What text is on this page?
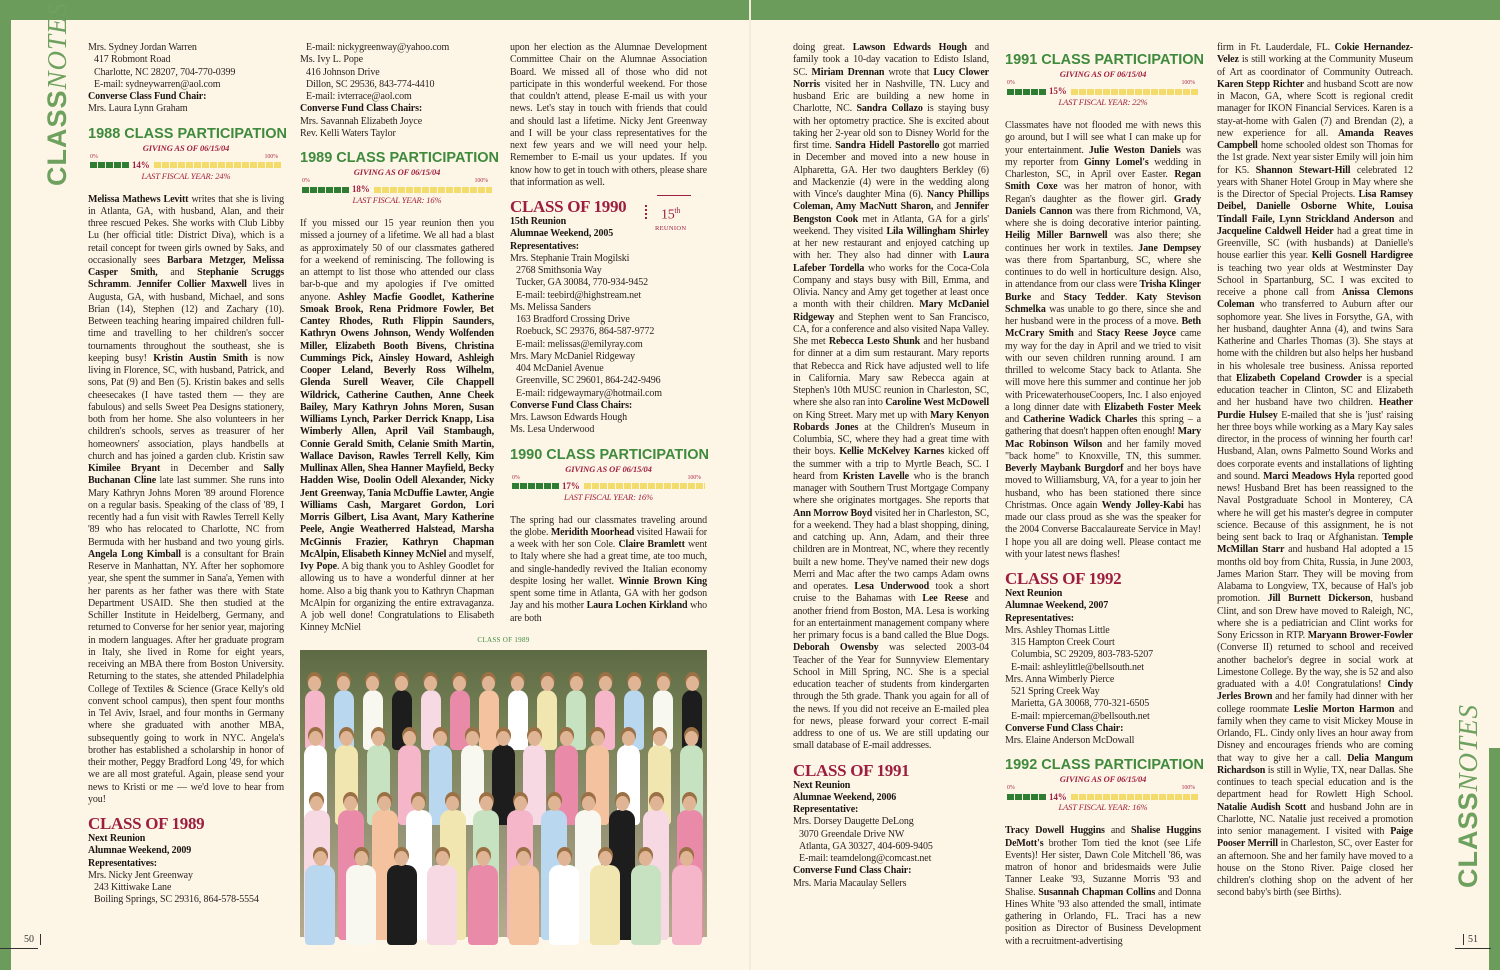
CLASSNOTES
CLASSNOTES
50	51
Mrs. Sydney Jordan Warren
417 Robmont Road
Charlotte, NC 28207, 704-770-0399
E-mail: sydneywarren@aol.com
Converse Class Fund Chair:
Mrs. Laura Lynn Graham
1988 CLASS PARTICIPATION
GIVING AS OF 06/15/04
0%	100%
14%
LAST FISCAL YEAR: 24%

Melissa Mathews Levitt writes that she is living in Atlanta, GA, with husband, Alan, and their three rescued Pekes. She works with Club Libby Lu (her official title: District Diva), which is a retail concept for tween girls owned by Saks, and occasionally sees Barbara Metzger, Melissa Casper Smith, and Stephanie Scruggs Schramm. Jennifer Collier Maxwell lives in Augusta, GA, with husband, Michael, and sons Brian (14), Stephen (12) and Zachary (10). Between teaching hearing impaired children full-time and travelling to her children's soccer tournaments throughout the southeast, she is keeping busy! Kristin Austin Smith is now living in Florence, SC, with husband, Patrick, and sons, Pat (9) and Ben (5). Kristin bakes and sells cheesecakes (I have tasted them — they are fabulous) and sells Sweet Pea Designs stationery, both from her home. She also volunteers in her children's schools, serves as treasurer of her homeowners' association, plays handbells at church and has joined a garden club. Kristin saw Kimilee Bryant in December and Sally Buchanan Cline late last summer. She runs into Mary Kathryn Johns Moren '89 around Florence on a regular basis. Speaking of the class of '89, I recently had a fun visit with Rawles Terrell Kelly '89 who has relocated to Charlotte, NC from Bermuda with her husband and two young girls. Angela Long Kimball is a consultant for Brain Reserve in Manhattan, NY. After her sophomore year, she spent the summer in Sana'a, Yemen with her parents as her father was there with State Department USAID. She then studied at the Schiller Institute in Heidelberg, Germany, and returned to Converse for her senior year, majoring in modern languages. After her graduate program in Italy, she lived in Rome for eight years, receiving an MBA there from Boston University. Returning to the states, she attended Philadelphia College of Textiles & Science (Grace Kelly's old convent school campus), then spent four months in Tel Aviv, Israel, and four months in Germany where she graduated with another MBA, subsequently going to work in NYC. Angela's brother has established a scholarship in honor of their mother, Peggy Bradford Long '49, for which we are all most grateful. Again, please send your news to Kristi or me — we'd love to hear from you!

CLASS OF 1989
Next Reunion
Alumnae Weekend, 2009
Representatives:
Mrs. Nicky Jent Greenway
243 Kittiwake Lane
Boiling Springs, SC 29316, 864-578-5554
E-mail: nickygreenway@yahoo.com
Ms. Ivy L. Pope
416 Johnson Drive
Dillon, SC 29536, 843-774-4410
E-mail: ivterrace@aol.com
Converse Fund Class Chairs:
Mrs. Savannah Elizabeth Joyce
Rev. Kelli Waters Taylor
1989 CLASS PARTICIPATION
GIVING AS OF 06/15/04
0%	100%
18%
LAST FISCAL YEAR: 16%

If you missed our 15 year reunion then you missed a journey of a lifetime. We all had a blast as approximately 50 of our classmates gathered for a weekend of reminiscing. The following is an attempt to list those who attended our class bar-b-que and my apologies if I've omitted anyone. Ashley Macfie Goodlet, Katherine Smoak Brook, Rena Pridmore Fowler, Bet Cantey Rhodes, Ruth Flippin Saunders, Kathryn Owens Johnson, Wendy Wolfenden Miller, Elizabeth Booth Bivens, Christina Cummings Pick, Ainsley Howard, Ashleigh Cooper Leland, Beverly Ross Wilhelm, Glenda Surell Weaver, Cile Chappell Wildrick, Catherine Cauthen, Anne Cheek Bailey, Mary Kathryn Johns Moren, Susan Williams Lynch, Parker Derrick Knapp, Lisa Wimberly Allen, April Vail Stambaugh, Connie Gerald Smith, Celanie Smith Martin, Wallace Davison, Rawles Terrell Kelly, Kim Mullinax Allen, Shea Hanner Mayfield, Becky Hadden Wise, Doolin Odell Alexander, Nicky Jent Greenway, Tania McDuffie Lawter, Angie Williams Cash, Margaret Gordon, Lori Morris Gilbert, Lisa Avant, Mary Katherine Peele, Angie Weatherred Halstead, Marsha McGinnis Frazier, Kathryn Chapman McAlpin, Elisabeth Kinney McNiel and myself, Ivy Pope. A big thank you to Ashley Goodlet for allowing us to have a wonderful dinner at her home. Also a big thank you to Kathryn Chapman McAlpin for organizing the entire extravaganza. A job well done! Congratulations to Elisabeth Kinney McNiel

upon her election as the Alumnae Development Committee Chair on the Alumnae Association Board. We missed all of those who did not participate in this wonderful weekend. For those that couldn't attend, please E-mail us with your news. Let's stay in touch with friends that could and should last a lifetime. Nicky Jent Greenway and I will be your class representatives for the next few years and we will need your help. Remember to E-mail us your updates. If you know how to get in touch with others, please share that information as well.

CLASS OF 1990 15th
REUNION
15th Reunion
Alumnae Weekend, 2005
Representatives:
Mrs. Stephanie Train Mogilski
2768 Smithsonia Way
Tucker, GA 30084, 770-934-9452
E-mail: teebird@highstream.net
Ms. Melissa Sanders
163 Bradford Crossing Drive
Roebuck, SC 29376, 864-587-9772
E-mail: melissas@emilyray.com
Mrs. Mary McDaniel Ridgeway
404 McDaniel Avenue
Greenville, SC 29601, 864-242-9496
E-mail: ridgewaymary@hotmail.com
Converse Fund Class Chairs:
Mrs. Lawson Edwards Hough
Ms. Lesa Underwood
1990 CLASS PARTICIPATION
GIVING AS OF 06/15/04
0%	100%
17%
LAST FISCAL YEAR: 16%

The spring had our classmates traveling around the globe. Meridith Moorhead visited Hawaii for a week with her son Cole. Claire Bramlett went to Italy where she had a great time, ate too much, and single-handedly revived the Italian economy despite losing her wallet. Winnie Brown King spent some time in Atlanta, GA with her godson Jay and his mother Laura Lochen Kirkland who are both

doing great. Lawson Edwards Hough and family took a 10-day vacation to Edisto Island, SC. Miriam Drennan wrote that Lucy Clower Norris visited her in Nashville, TN. Lucy and husband Eric are building a new home in Charlotte, NC. Sandra Collazo is staying busy with her optometry practice. She is excited about taking her 2-year old son to Disney World for the first time. Sandra Hidell Pastorello got married in December and moved into a new house in Alpharetta, GA. Her two daughters Berkley (6) and Mackenzie (4) were in the wedding along with Vince's daughter Mina (6). Nancy Phillips Coleman, Amy MacNutt Sharon, and Jennifer Bengston Cook met in Atlanta, GA for a girls' weekend. They visited Lila Willingham Shirley at her new restaurant and enjoyed catching up with her. They also had dinner with Laura Lafeber Tordella who works for the Coca-Cola Company and stays busy with Bill, Emma, and Olivia. Nancy and Amy get together at least once a month with their children. Mary McDaniel Ridgeway and Stephen went to San Francisco, CA, for a conference and also visited Napa Valley. She met Rebecca Lesto Shunk and her husband for dinner at a dim sum restaurant. Mary reports that Rebecca and Rick have adjusted well to life in California. Mary saw Rebecca again at Stephen's 10th MUSC reunion in Charleston, SC, where she also ran into Caroline West McDowell on King Street. Mary met up with Mary Kenyon Robards Jones at the Children's Museum in Columbia, SC, where they had a great time with their boys. Kellie McKelvey Karnes kicked off the summer with a trip to Myrtle Beach, SC. I heard from Kristen Lavelle who is the branch manager with Southern Trust Mortgage Company where she originates mortgages. She reports that Ann Morrow Boyd visited her in Charleston, SC, for a weekend. They had a blast shopping, dining, and catching up. Ann, Adam, and their three children are in Montreat, NC, where they recently built a new home. They've named their new dogs Merri and Mac after the two camps Adam owns and operates. Lesa Underwood took a short cruise to the Bahamas with Lee Reese and another friend from Boston, MA. Lesa is working for an entertainment management company where her primary focus is a band called the Blue Dogs. Deborah Owensby was selected 2003-04 Teacher of the Year for Sunnyview Elementary School in Mill Spring, NC. She is a special education teacher of students from kindergarten through the 5th grade. Thank you again for all of the news. If you did not receive an E-mailed plea for news, please forward your correct E-mail address to one of us. We are still updating our small database of E-mail addresses.

CLASS OF 1991
Next Reunion
Alumnae Weekend, 2006
Representative:
Mrs. Dorsey Daugette DeLong
3070 Greendale Drive NW
Atlanta, GA 30327, 404-609-9405
E-mail: teamdelong@comcast.net
Converse Fund Class Chair:
Mrs. Maria Macaulay Sellers
1991 CLASS PARTICIPATION
GIVING AS OF 06/15/04
0%	100%
15%
LAST FISCAL YEAR: 22%

Classmates have not flooded me with news this go around, but I will see what I can make up for your entertainment. Julie Weston Daniels was my reporter from Ginny Lomel's wedding in Charleston, SC, in April over Easter. Regan Smith Coxe was her matron of honor, with Regan's daughter as the flower girl. Grady Daniels Cannon was there from Richmond, VA, where she is doing decorative interior painting. Heilig Miller Barnwell was also there; she continues her work in textiles. Jane Dempsey was there from Spartanburg, SC, where she continues to do well in horticulture design. Also, in attendance from our class were Trisha Klinger Burke and Stacy Tedder. Katy Stevison Schmelka was unable to go there, since she and her husband were in the process of a move. Beth McCrary Smith and Stacy Reese Joyce came my way for the day in April and we tried to visit with our seven children running around. I am thrilled to welcome Stacy back to Atlanta. She will move here this summer and continue her job with PricewaterhouseCoopers, Inc. I also enjoyed a long dinner date with Elizabeth Foster Meek and Catherine Wadick Charles this spring – a gathering that doesn't happen often enough! Mary Mac Robinson Wilson and her family moved "back home" to Knoxville, TN, this summer. Beverly Maybank Burgdorf and her boys have moved to Williamsburg, VA, for a year to join her husband, who has been stationed there since Christmas. Once again Wendy Jolley-Kabi has made our class proud as she was the speaker for the 2004 Converse Baccalaureate Service in May! I hope you all are doing well. Please contact me with your latest news flashes!

CLASS OF 1992
Next Reunion
Alumnae Weekend, 2007
Representatives:
Mrs. Ashley Thomas Little
315 Hampton Creek Court
Columbia, SC 29209, 803-783-5207
E-mail: ashleylittle@bellsouth.net
Mrs. Anna Wimberly Pierce
521 Spring Creek Way
Marietta, GA 30068, 770-321-6505
E-mail: mpierceman@bellsouth.net
Converse Fund Class Chair:
Mrs. Elaine Anderson McDowall
1992 CLASS PARTICIPATION
GIVING AS OF 06/15/04
0%	100%
14%
LAST FISCAL YEAR: 16%

Tracy Dowell Huggins and Shalise Huggins DeMott's brother Tom tied the knot (see Life Events)! Her sister, Dawn Cole Mitchell '86, was matron of honor and bridesmaids were Julie Tanner Leake '93, Suzanne Morris '93 and Shalise. Susannah Chapman Collins and Donna Hines White '93 also attended the small, intimate gathering in Orlando, FL. Traci has a new position as Director of Business Development with a recruitment-advertising

firm in Ft. Lauderdale, FL. Cokie Hernandez-Velez is still working at the Community Museum of Art as coordinator of Community Outreach. Karen Stepp Richter and husband Scott are now in Macon, GA, where Scott is regional credit manager for IKON Financial Services. Karen is a stay-at-home with Galen (7) and Brendan (2), a new experience for all. Amanda Reaves Campbell home schooled oldest son Thomas for the 1st grade. Next year sister Emily will join him for K5. Shannon Stewart-Hill celebrated 12 years with Shaner Hotel Group in May where she is the Director of Special Projects. Lisa Ramsey Deibel, Danielle Osborne White, Louisa Tindall Faile, Lynn Strickland Anderson and Jacqueline Caldwell Heider had a great time in Greenville, SC (with husbands) at Danielle's house earlier this year. Kelli Gosnell Hardigree is teaching two year olds at Westminster Day School in Spartanburg, SC. I was excited to receive a phone call from Anissa Clemons Coleman who transferred to Auburn after our sophomore year. She lives in Forsythe, GA, with her husband, daughter Anna (4), and twins Sara Katherine and Charles Thomas (3). She stays at home with the children but also helps her husband in his wholesale tree business. Anissa reported that Elizabeth Copeland Crowder is a special education teacher in Clinton, SC and Elizabeth and her husband have two children. Heather Purdie Hulsey E-mailed that she is 'just' raising her three boys while working as a Mary Kay sales director, in the process of winning her fourth car! Husband, Alan, owns Palmetto Sound Works and does corporate events and installations of lighting and sound. Marci Meadows Hyla reported good news! Husband Bret has been reassigned to the Naval Postgraduate School in Monterey, CA where he will get his master's degree in computer science. Because of this assignment, he is not being sent back to Iraq or Afghanistan. Temple McMillan Starr and husband Hal adopted a 15 months old boy from Chita, Russia, in June 2003, James Marion Starr. They will be moving from Alabama to Longview, TX, because of Hal's job promotion. Jill Burnett Dickerson, husband Clint, and son Drew have moved to Raleigh, NC, where she is a pediatrician and Clint works for Sony Ericsson in RTP. Maryann Brower-Fowler (Converse II) returned to school and received another bachelor's degree in social work at Limestone College. By the way, she is 52 and also graduated with a 4.0! Congratulations! Cindy Jerles Brown and her family had dinner with her college roommate Leslie Morton Harmon and family when they came to visit Mickey Mouse in Orlando, FL. Cindy only lives an hour away from Disney and encourages friends who are coming that way to give her a call. Delia Mangum Richardson is still in Wylie, TX, near Dallas. She continues to teach special education and is the department head for Rowlett High School. Natalie Audish Scott and husband John are in Charlotte, NC. Natalie just received a promotion into senior management. I visited with Paige Pooser Merrill in Charleston, SC, over Easter for an afternoon. She and her family have moved to a house on the Stono River. Paige closed her children's clothing shop on the advent of her second baby's birth (see Births).

CLASS OF 1989
